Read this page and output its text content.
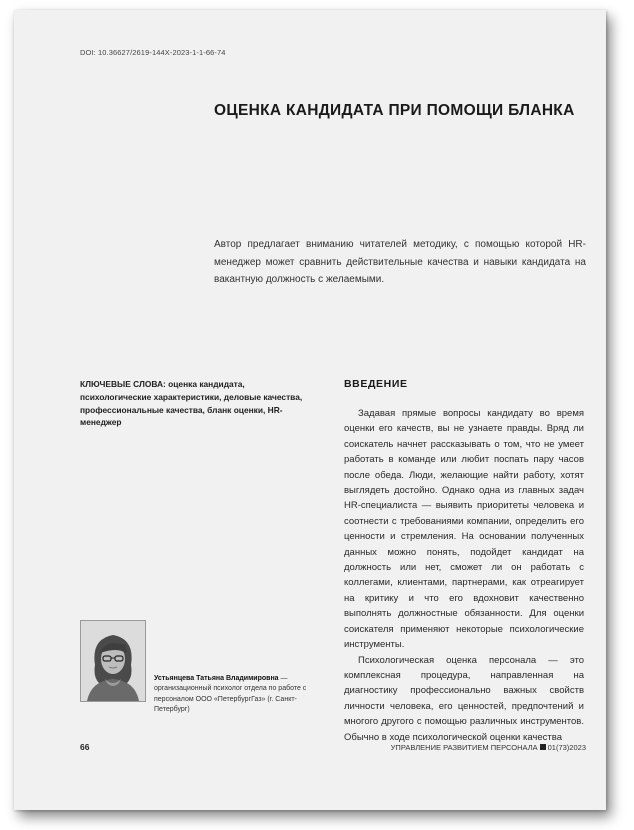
DOI: 10.36627/2619-144X-2023-1-1-66-74
ОЦЕНКА КАНДИДАТА ПРИ ПОМОЩИ БЛАНКА
Автор предлагает вниманию читателей методику, с помощью которой HR-менеджер может сравнить действительные качества и навыки кандидата на вакантную должность с желаемыми.
КЛЮЧЕВЫЕ СЛОВА: оценка кандидата, психологические характеристики, деловые качества, профессиональные качества, бланк оценки, HR-менеджер
ВВЕДЕНИЕ

Задавая прямые вопросы кандидату во время оценки его качеств, вы не узнаете правды. Вряд ли соискатель начнет рассказывать о том, что не умеет работать в команде или любит поспать пару часов после обеда. Люди, желающие найти работу, хотят выглядеть достойно. Однако одна из главных задач HR-специалиста — выявить приоритеты человека и соотнести с требованиями компании, определить его ценности и стремления. На основании полученных данных можно понять, подойдет кандидат на должность или нет, сможет ли он работать с коллегами, клиентами, партнерами, как отреагирует на критику и что его вдохновит качественно выполнять должностные обязанности. Для оценки соискателя применяют некоторые психологические инструменты.

Психологическая оценка персонала — это комплексная процедура, направленная на диагностику профессионально важных свойств личности человека, его ценностей, предпочтений и многого другого с помощью различных инструментов. Обычно в ходе психологической оценки качества

Устьянцева Татьяна Владимировна — организационный психолог отдела по работе с персоналом ООО «ПетербургГаз» (г. Санкт-Петербург)
66	УПРАВЛЕНИЕ РАЗВИТИЕМ ПЕРСОНАЛА 01(73)2023
